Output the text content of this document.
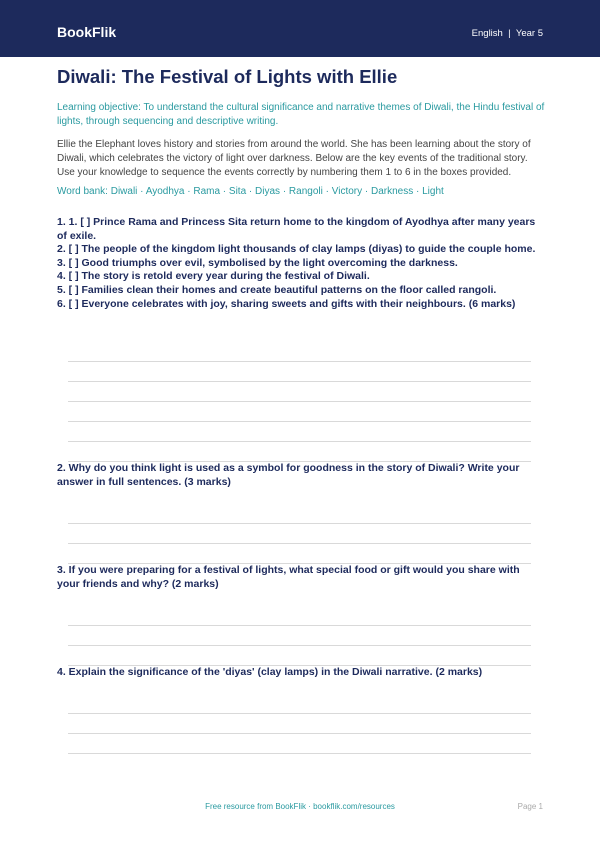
BookFlik	English | Year 5
Diwali: The Festival of Lights with Ellie

Learning objective: To understand the cultural significance and narrative themes of Diwali, the Hindu festival of lights, through sequencing and descriptive writing.

Ellie the Elephant loves history and stories from around the world. She has been learning about the story of Diwali, which celebrates the victory of light over darkness. Below are the key events of the traditional story. Use your knowledge to sequence the events correctly by numbering them 1 to 6 in the boxes provided.

Word bank: Diwali · Ayodhya · Rama · Sita · Diyas · Rangoli · Victory · Darkness · Light

1. 1. [ ] Prince Rama and Princess Sita return home to the kingdom of Ayodhya after many years of exile.
2. [ ] The people of the kingdom light thousands of clay lamps (diyas) to guide the couple home.
3. [ ] Good triumphs over evil, symbolised by the light overcoming the darkness.
4. [ ] The story is retold every year during the festival of Diwali.
5. [ ] Families clean their homes and create beautiful patterns on the floor called rangoli.
6. [ ] Everyone celebrates with joy, sharing sweets and gifts with their neighbours. (6 marks)

2. Why do you think light is used as a symbol for goodness in the story of Diwali? Write your answer in full sentences. (3 marks)

3. If you were preparing for a festival of lights, what special food or gift would you share with your friends and why? (2 marks)

4. Explain the significance of the 'diyas' (clay lamps) in the Diwali narrative. (2 marks)

Free resource from BookFlik · bookflik.com/resources	Page 1
